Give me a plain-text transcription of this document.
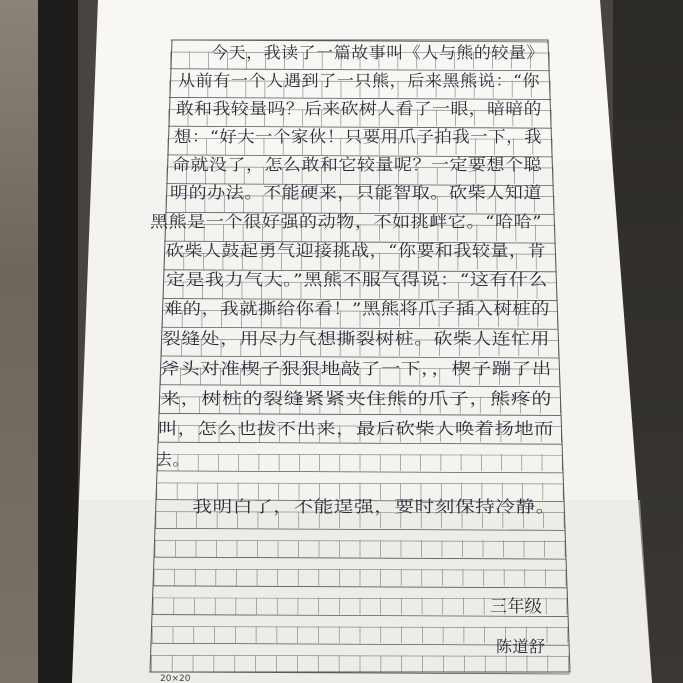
　　今天，我读了一篇故事叫《人与熊的较量》
从前有一个人遇到了一只熊，后来黑熊说：“你
敢和我较量吗？后来砍树人看了一眼，暗暗的
想：“好大一个家伙！只要用爪子拍我一下，我
命就没了，怎么敢和它较量呢？一定要想个聪
明的办法。不能硬来，只能智取。砍柴人知道
黑熊是一个很好强的动物，不如挑衅它。“哈哈”
砍柴人鼓起勇气迎接挑战，“你要和我较量，肯
定是我力气大。”黑熊不服气得说：“这有什么
难的，我就撕给你看！”黑熊将爪子插入树桩的
裂缝处，用尽力气想撕裂树桩。砍柴人连忙用
斧头对准楔子狠狠地敲了一下，，楔子蹦了出
来，树桩的裂缝紧紧夹住熊的爪子，熊疼的
叫，怎么也拔不出来，最后砍柴人唤着扬地而
去。
　　我明白了，不能逞强，要时刻保持冷静。
三年级
陈道舒
20×20
